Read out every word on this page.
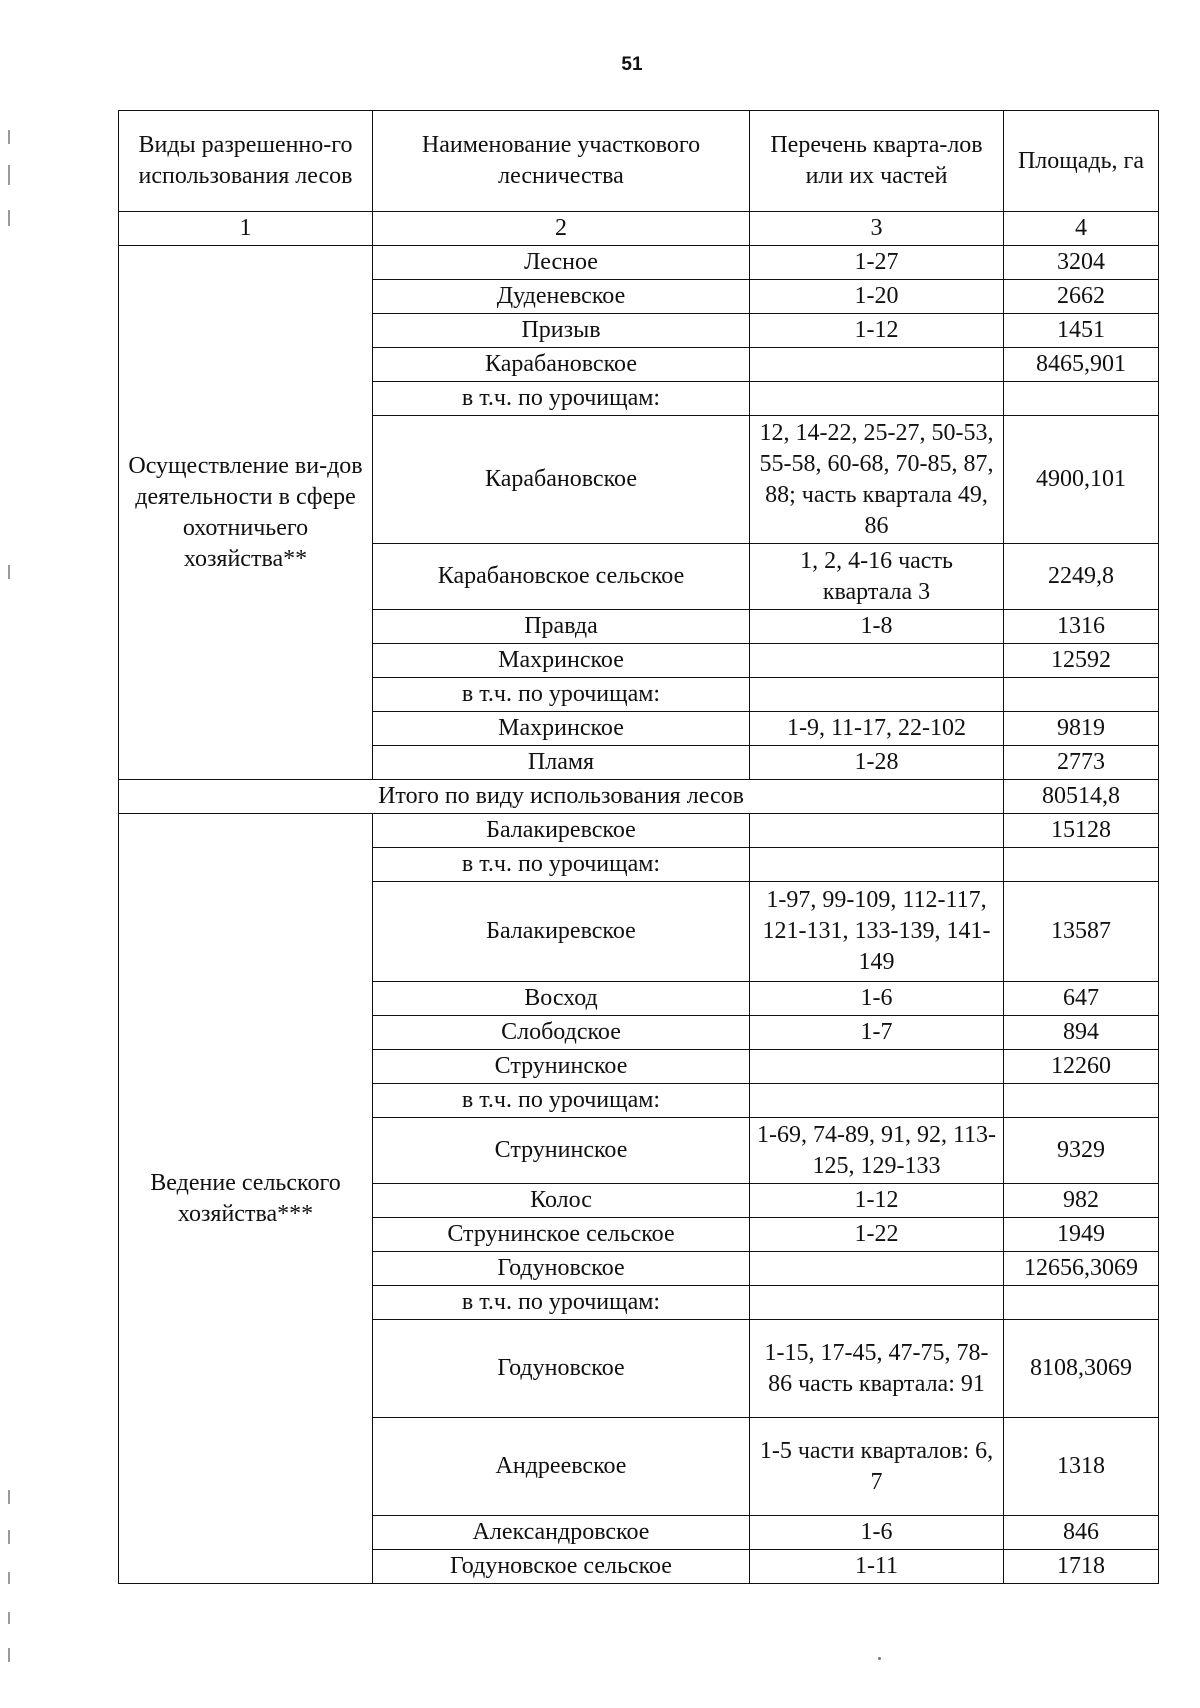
51
Виды разрешенно-го использования лесов	Наименование участкового лесничества	Перечень кварта-лов или их частей	Площадь, га
1	2	3	4
Осуществление ви-дов деятельности в сфере охотничьего хозяйства**	Лесное	1-27	3204
	Дуденевское	1-20	2662
	Призыв	1-12	1451
	Карабановское		8465,901
	в т.ч. по урочищам:		
	Карабановское	12, 14-22, 25-27, 50-53, 55-58, 60-68, 70-85, 87, 88; часть квартала 49, 86	4900,101
	Карабановское сельское	1, 2, 4-16 часть квартала 3	2249,8
	Правда	1-8	1316
	Махринское		12592
	в т.ч. по урочищам:		
	Махринское	1-9, 11-17, 22-102	9819
	Пламя	1-28	2773
Итого по виду использования лесов			80514,8
Ведение сельского хозяйства***	Балакиревское		15128
	в т.ч. по урочищам:		
	Балакиревское	1-97, 99-109, 112-117, 121-131, 133-139, 141-149	13587
	Восход	1-6	647
	Слободское	1-7	894
	Струнинское		12260
	в т.ч. по урочищам:		
	Струнинское	1-69, 74-89, 91, 92, 113-125, 129-133	9329
	Колос	1-12	982
	Струнинское сельское	1-22	1949
	Годуновское		12656,3069
	в т.ч. по урочищам:		
	Годуновское	1-15, 17-45, 47-75, 78-86 часть квартала: 91	8108,3069
	Андреевское	1-5 части кварталов: 6, 7	1318
	Александровское	1-6	846
	Годуновское сельское	1-11	1718
